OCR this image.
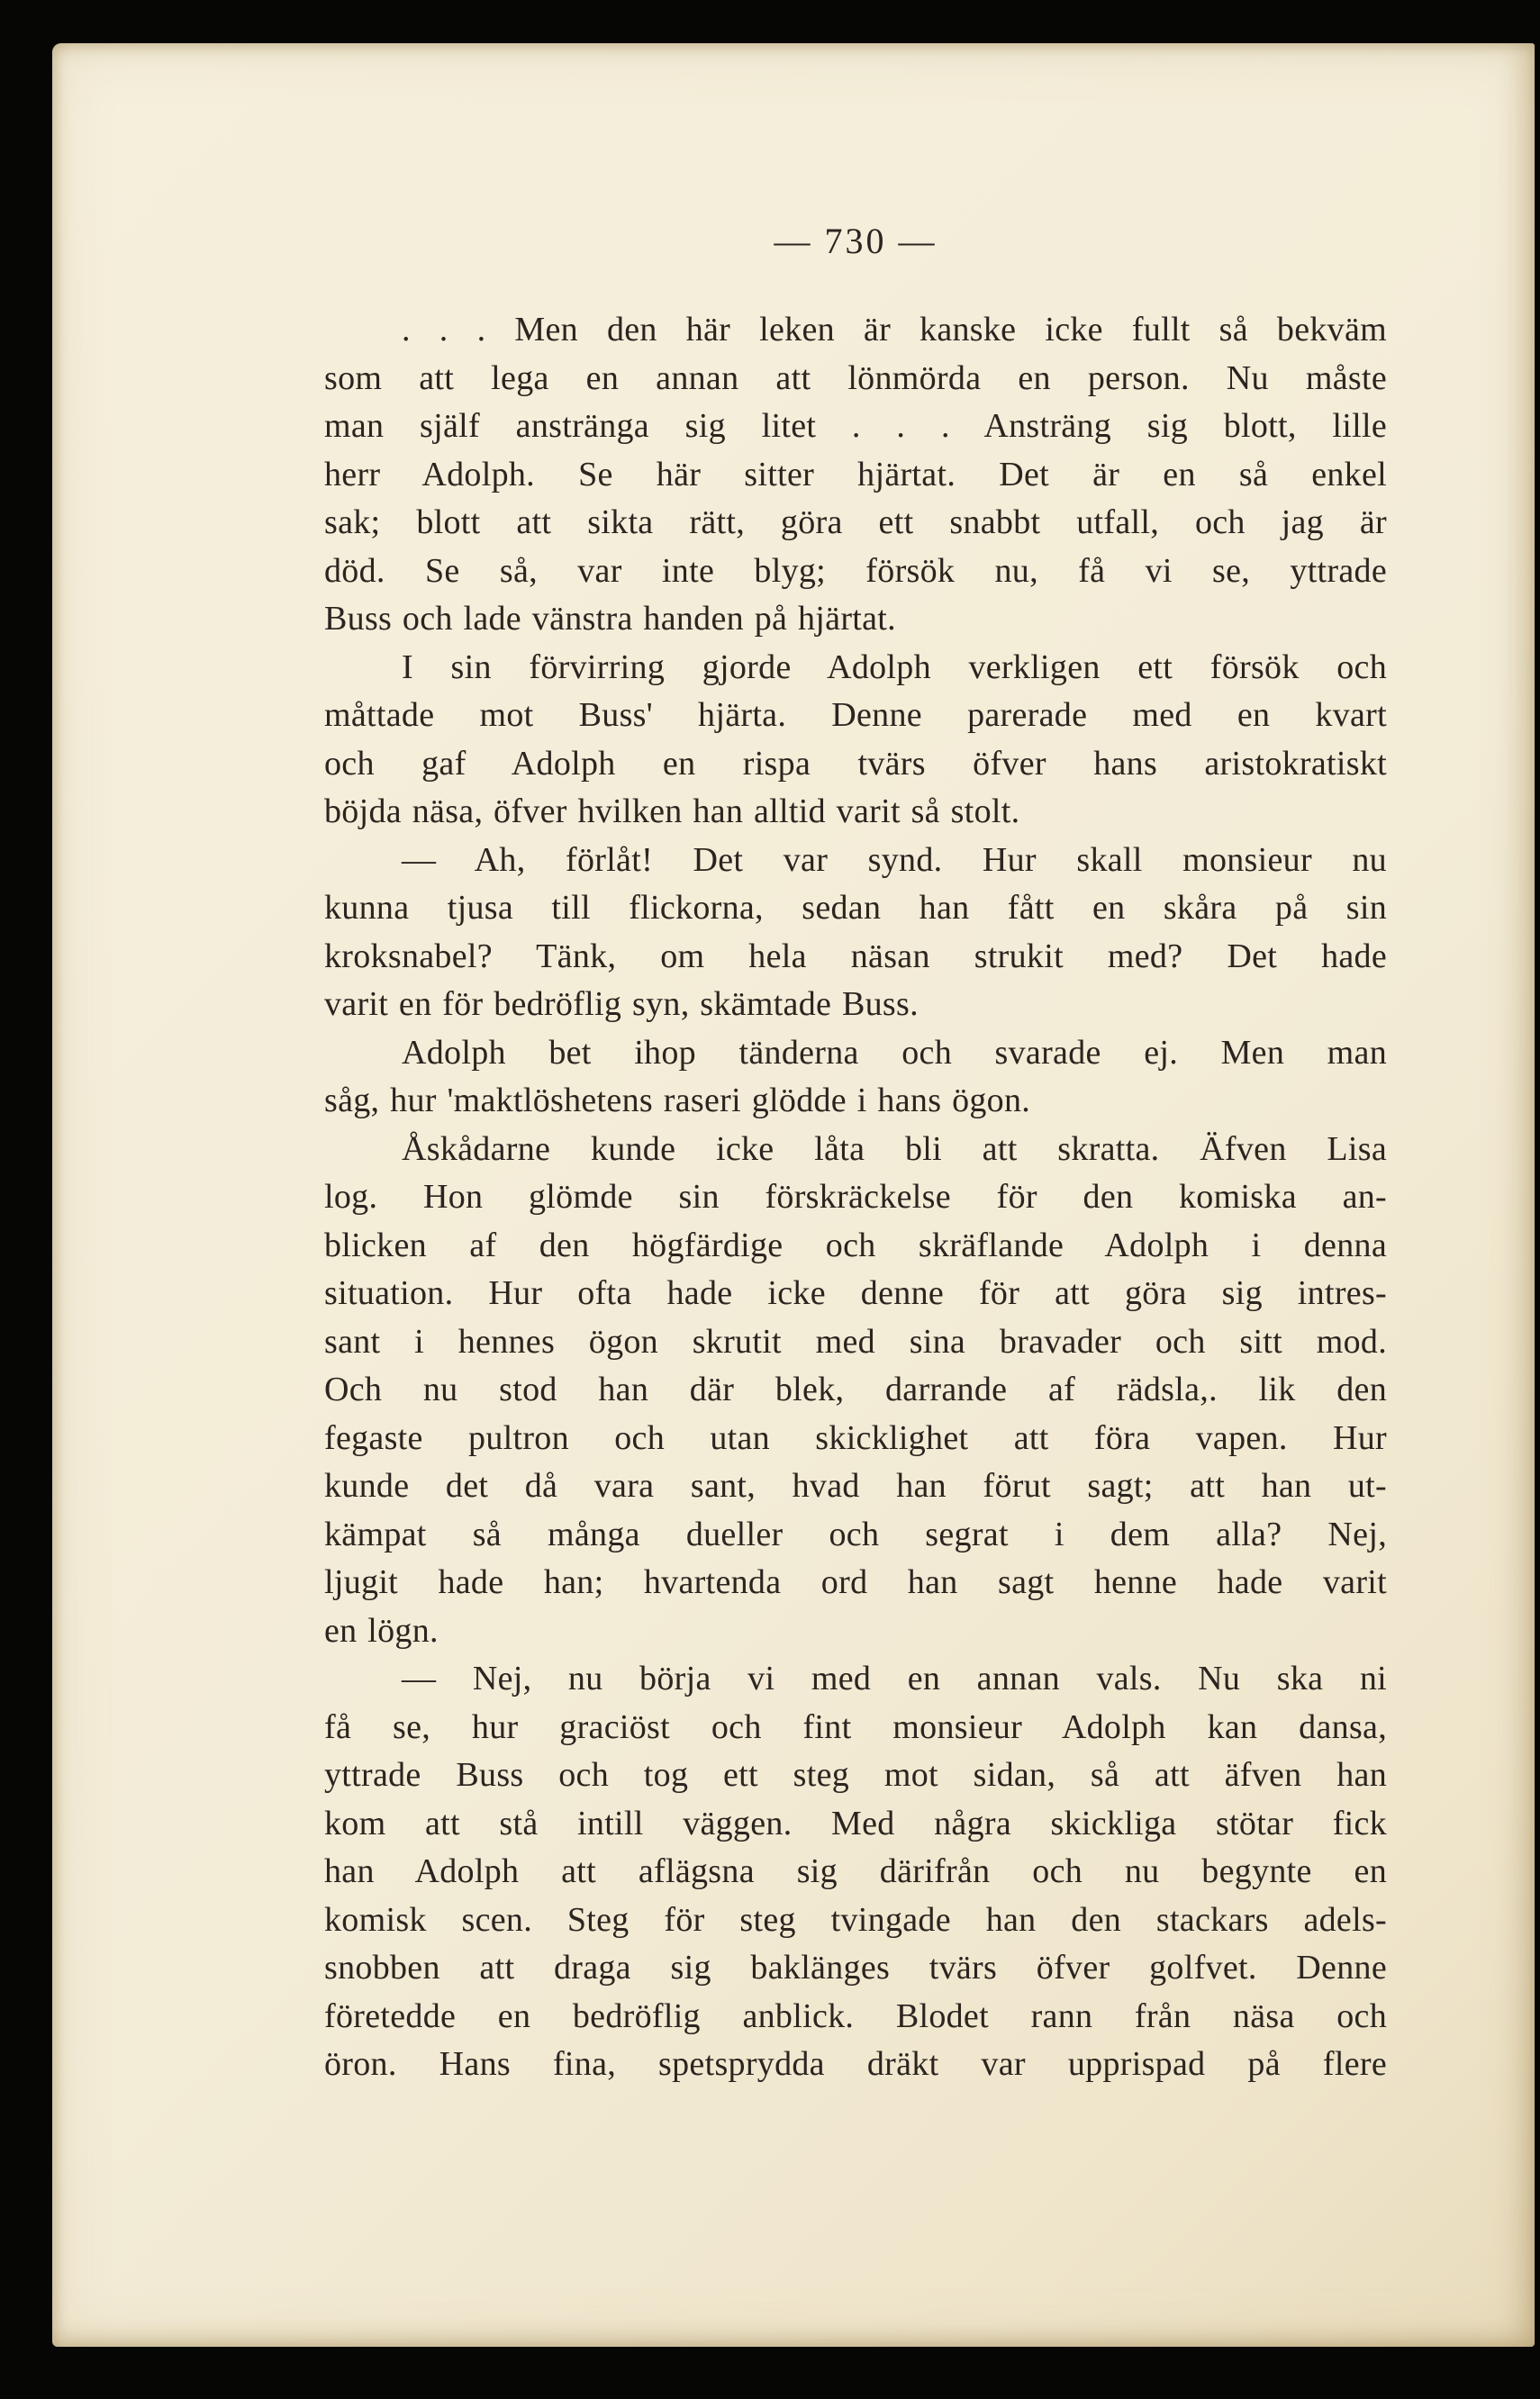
— 730 —
. . . Men den här leken är kanske icke fullt så bekväm
som att lega en annan att lönmörda en person. Nu måste
man själf anstränga sig litet . . . Ansträng sig blott, lille
herr Adolph. Se här sitter hjärtat. Det är en så enkel
sak; blott att sikta rätt, göra ett snabbt utfall, och jag är
död. Se så, var inte blyg; försök nu, få vi se, yttrade
Buss och lade vänstra handen på hjärtat.
I sin förvirring gjorde Adolph verkligen ett försök och
måttade mot Buss' hjärta. Denne parerade med en kvart
och gaf Adolph en rispa tvärs öfver hans aristokratiskt
böjda näsa, öfver hvilken han alltid varit så stolt.
— Ah, förlåt! Det var synd. Hur skall monsieur nu
kunna tjusa till flickorna, sedan han fått en skåra på sin
kroksnabel? Tänk, om hela näsan strukit med? Det hade
varit en för bedröflig syn, skämtade Buss.
Adolph bet ihop tänderna och svarade ej. Men man
såg, hur 'maktlöshetens raseri glödde i hans ögon.
Åskådarne kunde icke låta bli att skratta. Äfven Lisa
log. Hon glömde sin förskräckelse för den komiska an-
blicken af den högfärdige och skräflande Adolph i denna
situation. Hur ofta hade icke denne för att göra sig intres-
sant i hennes ögon skrutit med sina bravader och sitt mod.
Och nu stod han där blek, darrande af rädsla,. lik den
fegaste pultron och utan skicklighet att föra vapen. Hur
kunde det då vara sant, hvad han förut sagt; att han ut-
kämpat så många dueller och segrat i dem alla? Nej,
ljugit hade han; hvartenda ord han sagt henne hade varit
en lögn.
— Nej, nu börja vi med en annan vals. Nu ska ni
få se, hur graciöst och fint monsieur Adolph kan dansa,
yttrade Buss och tog ett steg mot sidan, så att äfven han
kom att stå intill väggen. Med några skickliga stötar fick
han Adolph att aflägsna sig därifrån och nu begynte en
komisk scen. Steg för steg tvingade han den stackars adels-
snobben att draga sig baklänges tvärs öfver golfvet. Denne
företedde en bedröflig anblick. Blodet rann från näsa och
öron. Hans fina, spetsprydda dräkt var upprispad på flere
